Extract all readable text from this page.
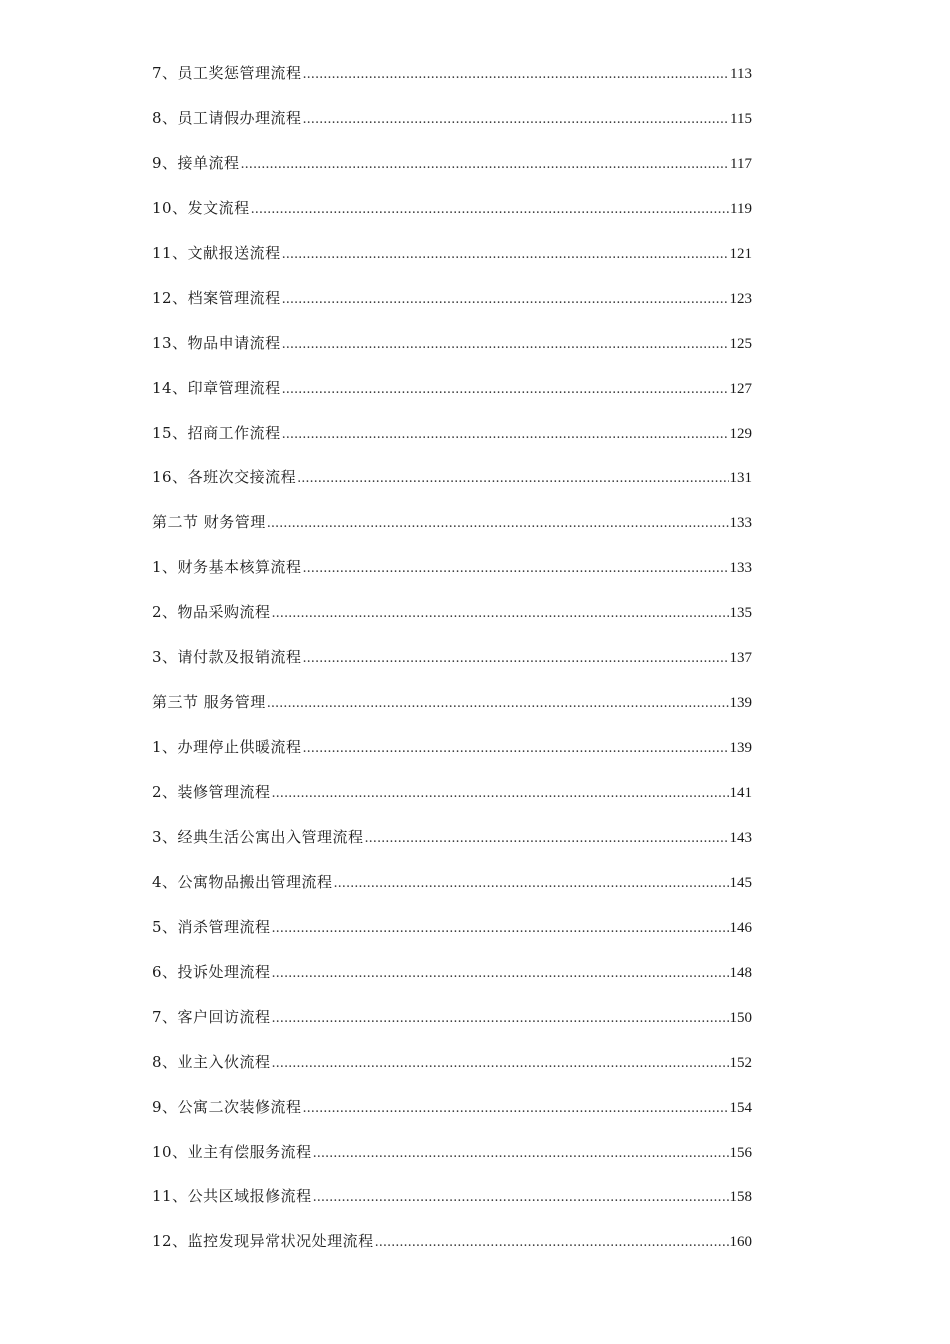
7、员工奖惩管理流程 .....	113
8、员工请假办理流程 .....	115
9、接单流程 .....	117
10、发文流程 .....	119
11、文献报送流程 .....	121
12、档案管理流程 .....	123
13、物品申请流程 .....	125
14、印章管理流程 .....	127
15、招商工作流程 .....	129
16、各班次交接流程 .....	131
第二节 财务管理 .....	133
1、财务基本核算流程 .....	133
2、物品采购流程 .....	135
3、请付款及报销流程 .....	137
第三节 服务管理 .....	139
1、办理停止供暖流程 .....	139
2、装修管理流程 .....	141
3、经典生活公寓出入管理流程 .....	143
4、公寓物品搬出管理流程 .....	145
5、消杀管理流程 .....	146
6、投诉处理流程 .....	148
7、客户回访流程 .....	150
8、业主入伙流程 .....	152
9、公寓二次装修流程 .....	154
10、业主有偿服务流程 .....	156
11、公共区域报修流程 .....	158
12、监控发现异常状况处理流程 .....	160
